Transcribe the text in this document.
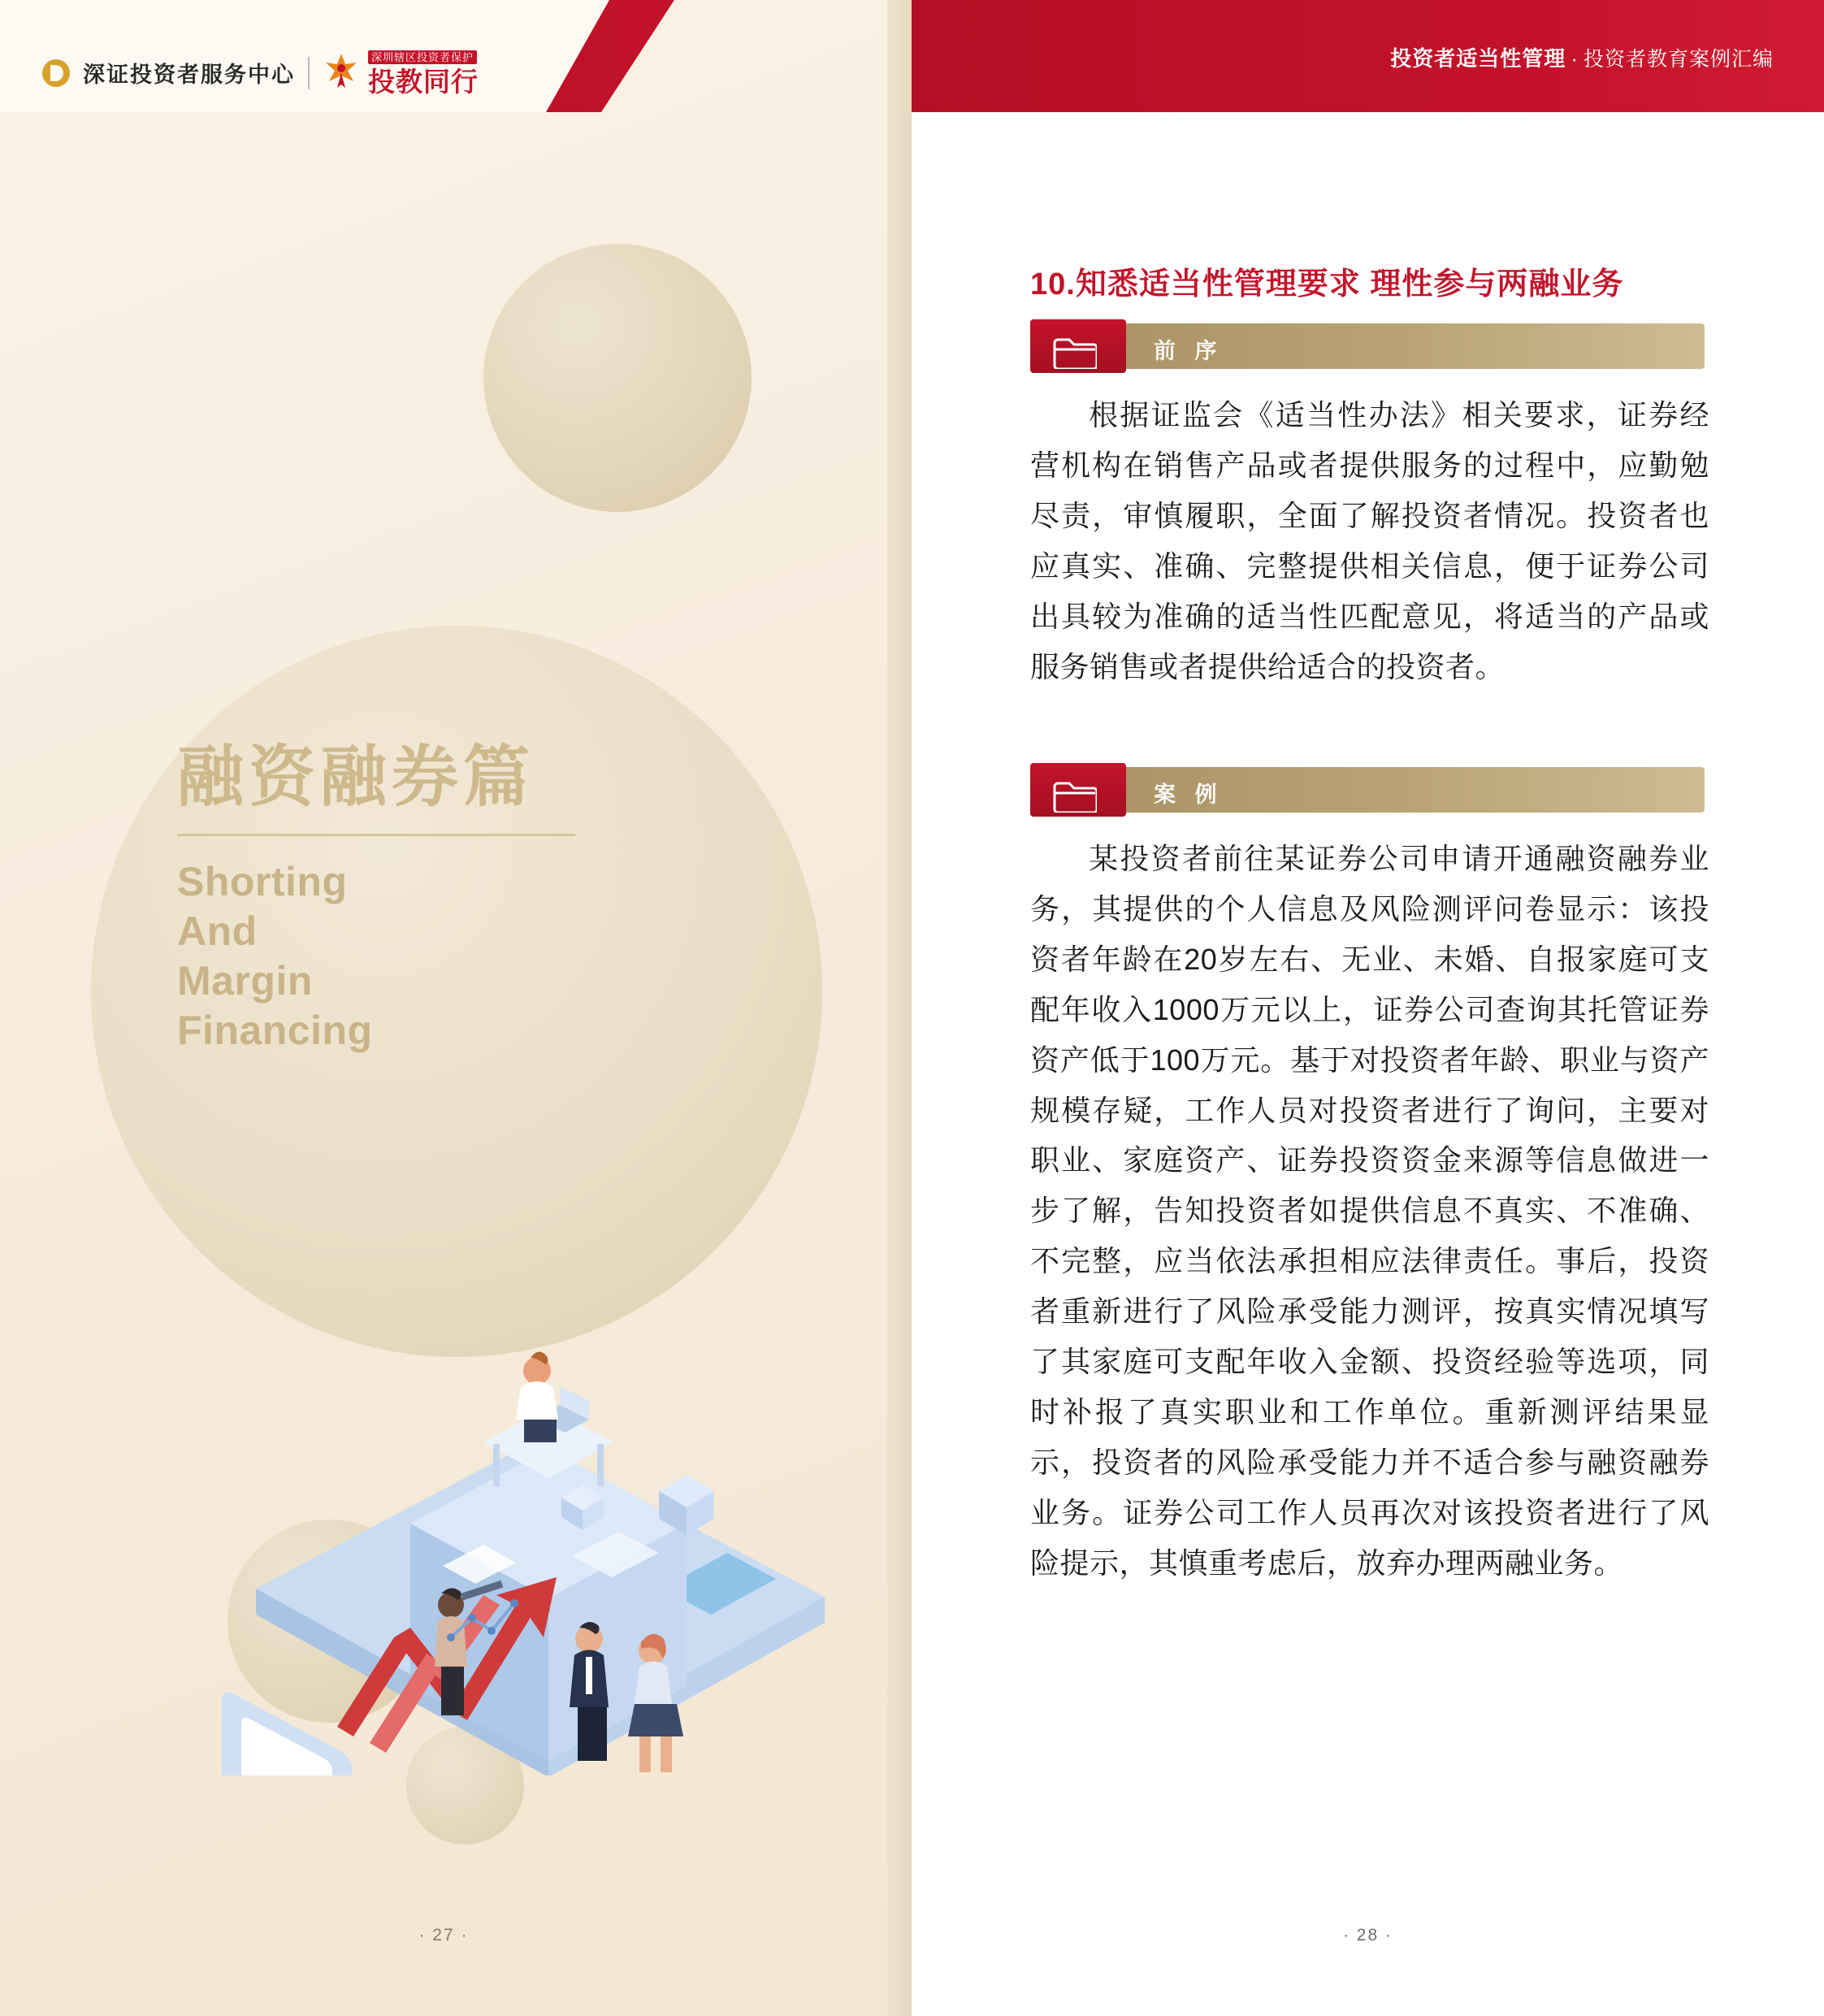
深证投资者服务中心
深圳辖区投资者保护
投教同行
融资融券篇
Shorting
And
Margin
Financing
· 27 ·
投资者适当性管理 · 投资者教育案例汇编
10.知悉适当性管理要求 理性参与两融业务
前 序
根据证监会《适当性办法》相关要求，证券经营机构在销售产品或者提供服务的过程中，应勤勉尽责，审慎履职，全面了解投资者情况。投资者也应真实、准确、完整提供相关信息，便于证券公司出具较为准确的适当性匹配意见，将适当的产品或服务销售或者提供给适合的投资者。
案 例
某投资者前往某证券公司申请开通融资融券业务，其提供的个人信息及风险测评问卷显示：该投资者年龄在20岁左右、无业、未婚、自报家庭可支配年收入1000万元以上，证券公司查询其托管证券资产低于100万元。基于对投资者年龄、职业与资产规模存疑，工作人员对投资者进行了询问，主要对职业、家庭资产、证券投资资金来源等信息做进一步了解，告知投资者如提供信息不真实、不准确、不完整，应当依法承担相应法律责任。事后，投资者重新进行了风险承受能力测评，按真实情况填写了其家庭可支配年收入金额、投资经验等选项，同时补报了真实职业和工作单位。重新测评结果显示，投资者的风险承受能力并不适合参与融资融券业务。证券公司工作人员再次对该投资者进行了风险提示，其慎重考虑后，放弃办理两融业务。
· 28 ·
